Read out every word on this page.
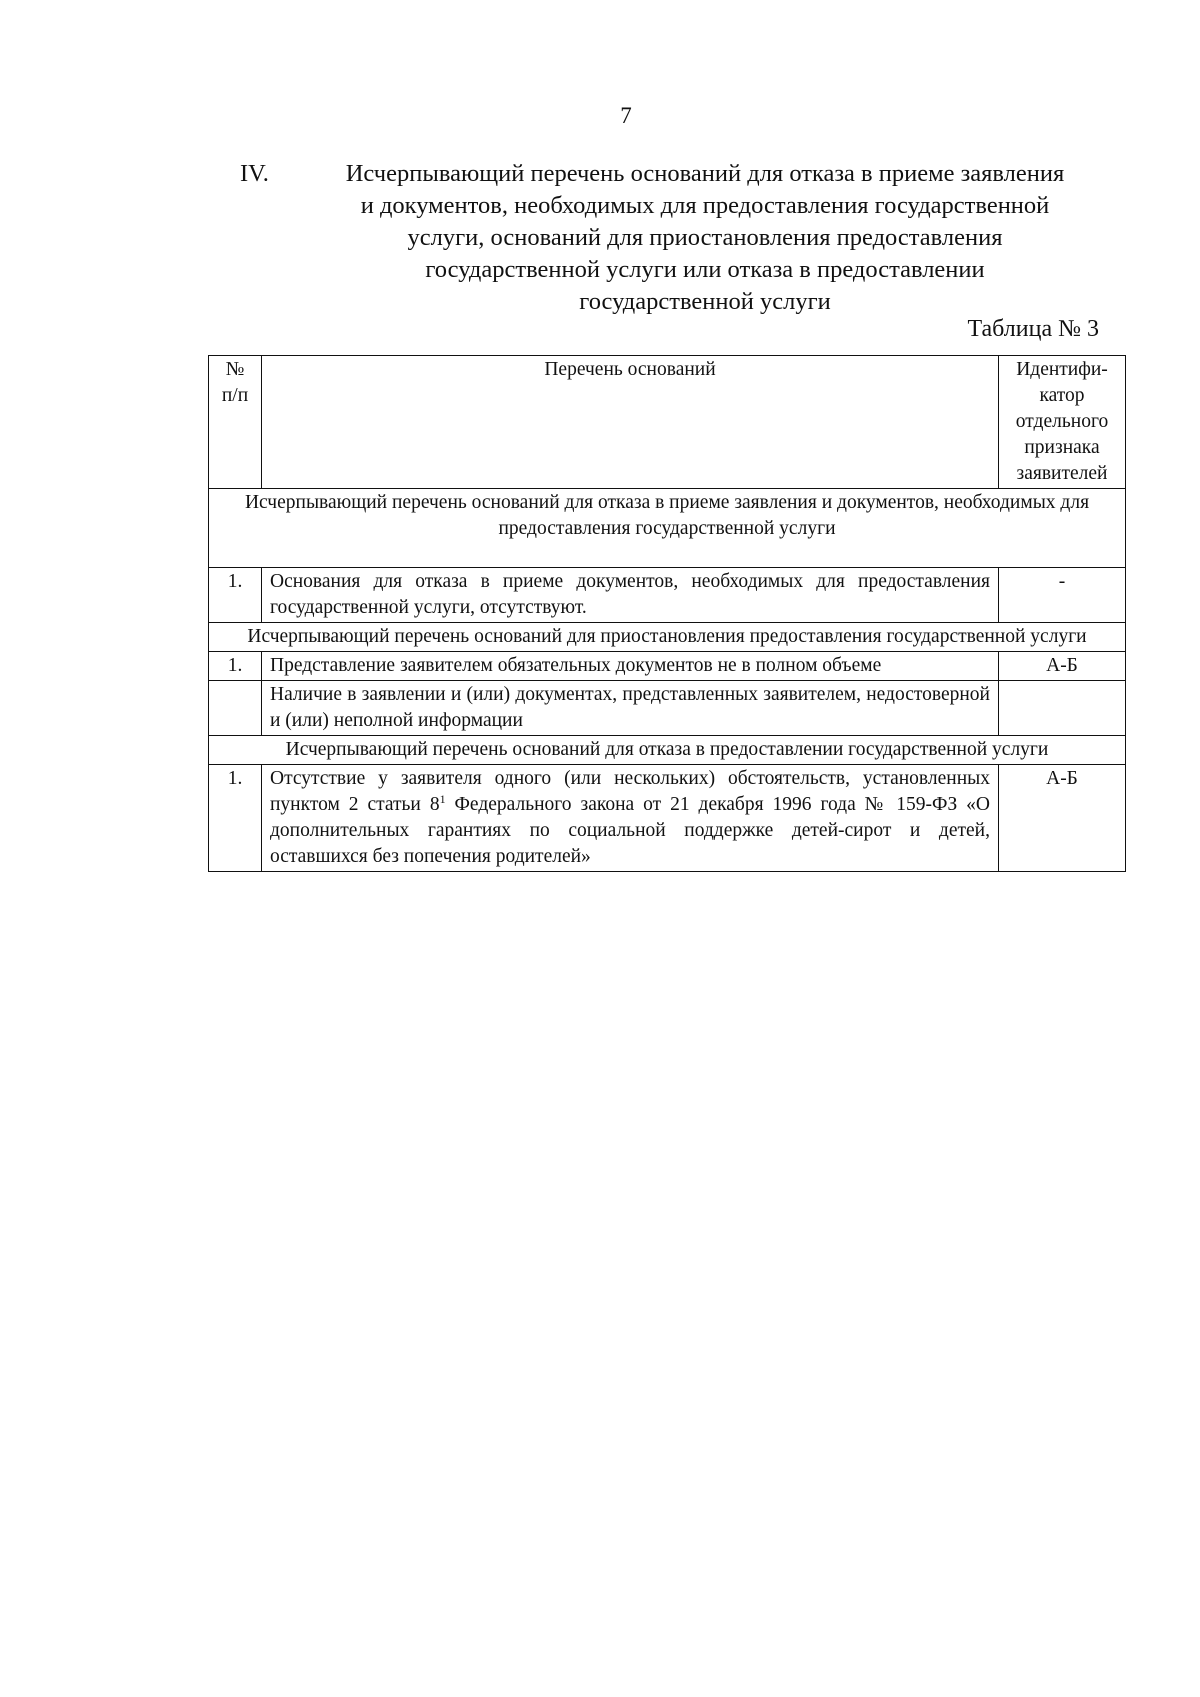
7
IV.	Исчерпывающий перечень оснований для отказа в приеме заявления
и документов, необходимых для предоставления государственной
услуги, оснований для приостановления предоставления
государственной услуги или отказа в предоставлении
государственной услуги
Таблица № 3
№ п/п	Перечень оснований	Идентифи-катор отдельного признака заявителей
Исчерпывающий перечень оснований для отказа в приеме заявления и документов, необходимых для предоставления государственной услуги		
1.	Основания для отказа в приеме документов, необходимых для предоставления государственной услуги, отсутствуют.	-
Исчерпывающий перечень оснований для приостановления предоставления государственной услуги		
1.	Представление заявителем обязательных документов не в полном объеме	А-Б
	Наличие в заявлении и (или) документах, представленных заявителем, недостоверной и (или) неполной информации	
Исчерпывающий перечень оснований для отказа в предоставлении государственной услуги		
1.	Отсутствие у заявителя одного (или нескольких) обстоятельств, установленных пунктом 2 статьи $8^1$ Федерального закона от 21 декабря 1996 года № 159-ФЗ «О дополнительных гарантиях по социальной поддержке детей-сирот и детей, оставшихся без попечения родителей»	А-Б
